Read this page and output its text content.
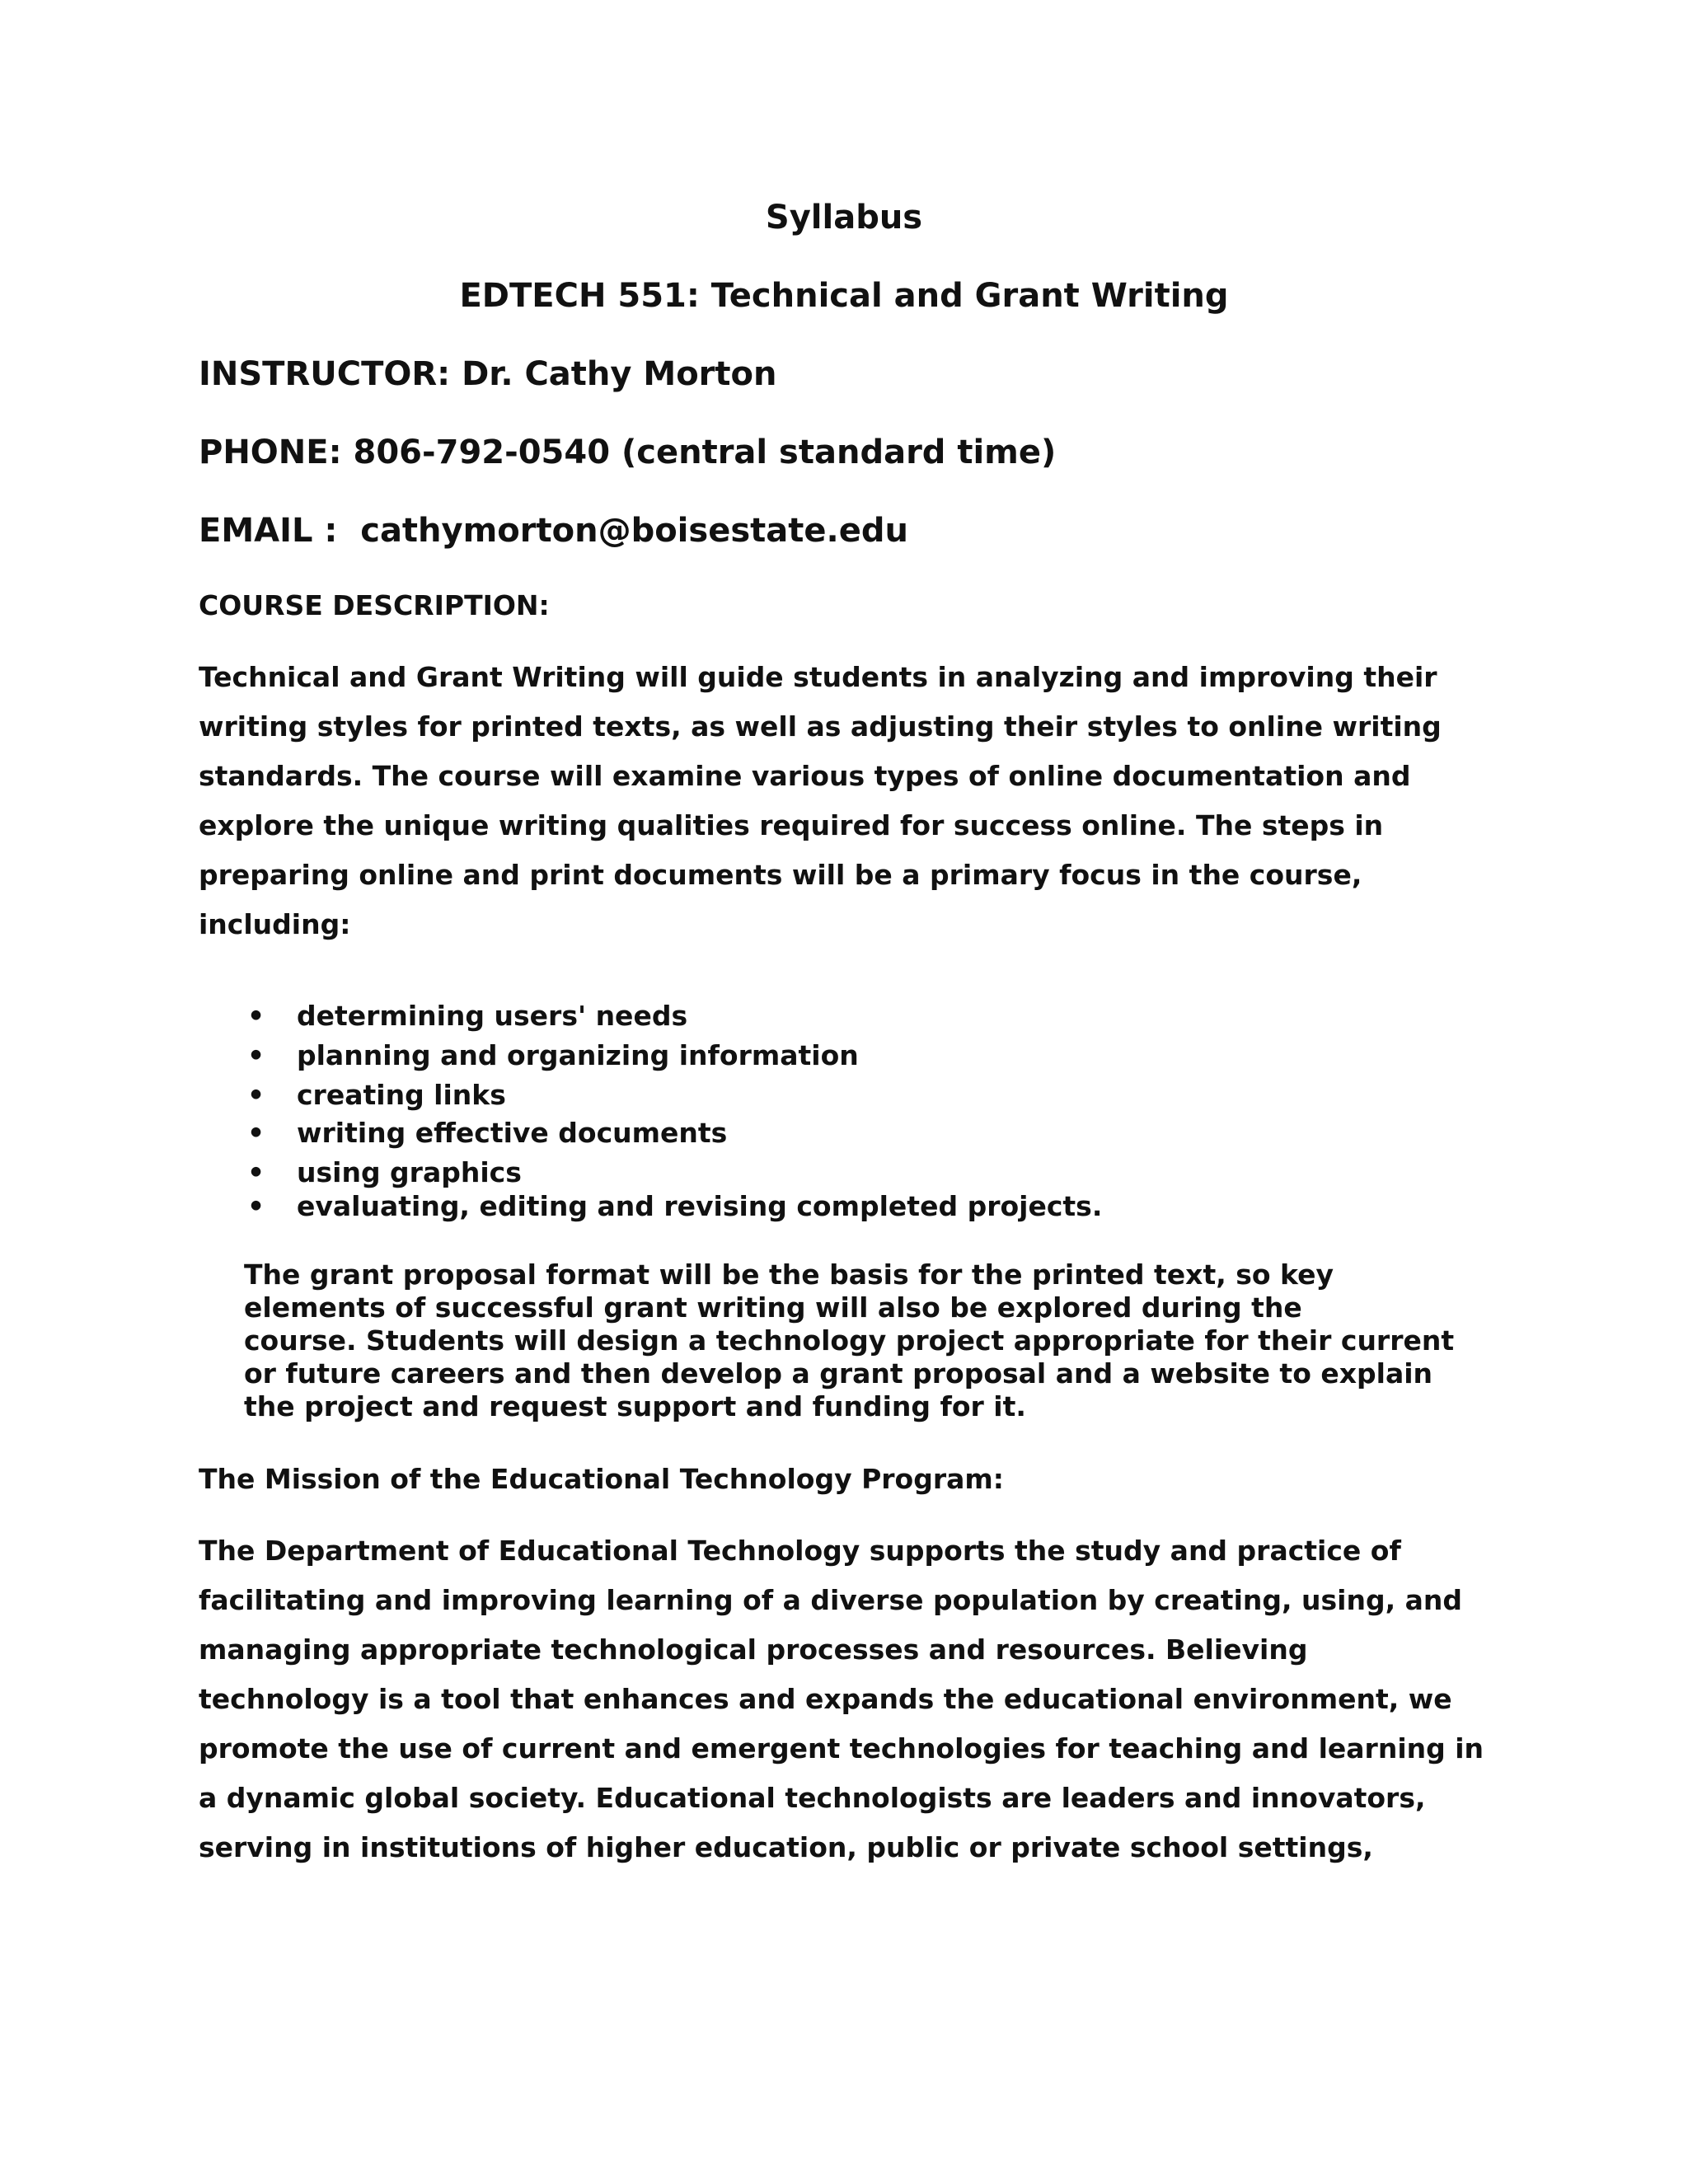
Syllabus
EDTECH 551: Technical and Grant Writing
INSTRUCTOR: Dr. Cathy Morton
PHONE: 806-792-0540 (central standard time)
EMAIL :  cathymorton@boisestate.edu
COURSE DESCRIPTION:
Technical and Grant Writing will guide students in analyzing and improving their
writing styles for printed texts, as well as adjusting their styles to online writing
standards. The course will examine various types of online documentation and
explore the unique writing qualities required for success online. The steps in
preparing online and print documents will be a primary focus in the course,
including:
• determining users' needs
• planning and organizing information
• creating links
• writing effective documents
• using graphics
• evaluating, editing and revising completed projects.
The grant proposal format will be the basis for the printed text, so key
elements of successful grant writing will also be explored during the
course. Students will design a technology project appropriate for their current
or future careers and then develop a grant proposal and a website to explain
the project and request support and funding for it.
The Mission of the Educational Technology Program:
The Department of Educational Technology supports the study and practice of
facilitating and improving learning of a diverse population by creating, using, and
managing appropriate technological processes and resources. Believing
technology is a tool that enhances and expands the educational environment, we
promote the use of current and emergent technologies for teaching and learning in
a dynamic global society. Educational technologists are leaders and innovators,
serving in institutions of higher education, public or private school settings,
